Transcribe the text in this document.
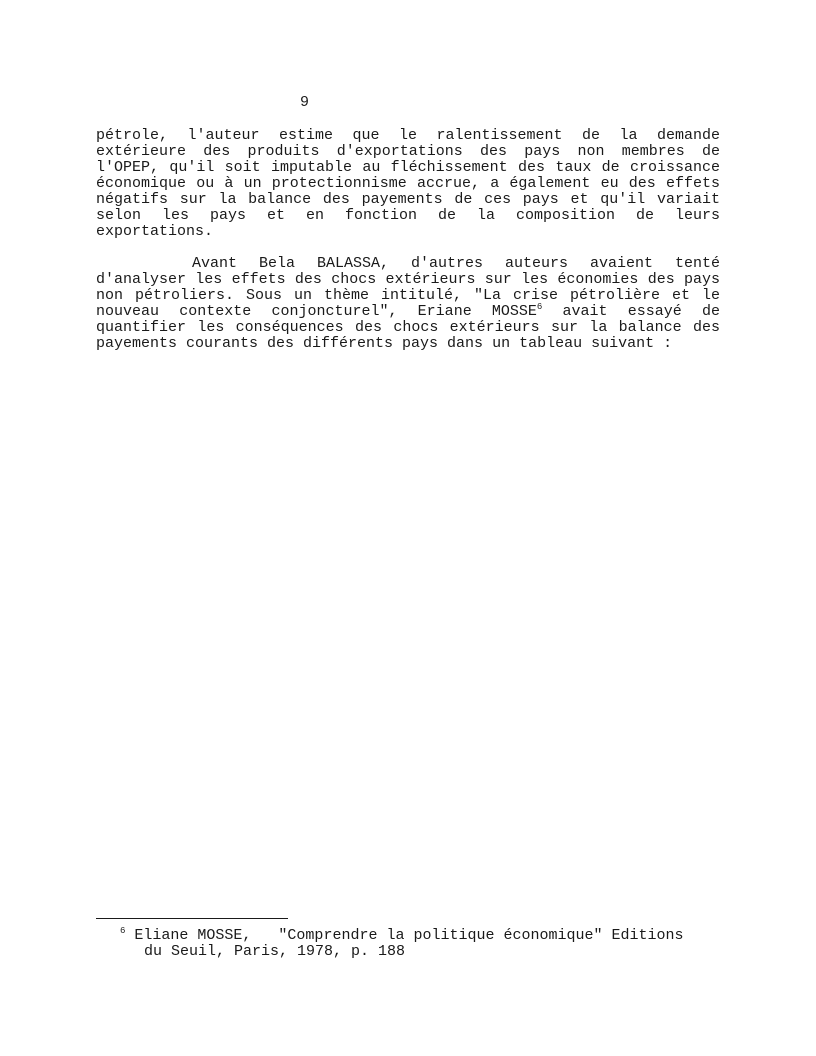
9

pétrole, l'auteur estime que le ralentissement de la demande extérieure des produits d'exportations des pays non membres de l'OPEP, qu'il soit imputable au fléchissement des taux de croissance économique ou à un protectionnisme accrue, a également eu des effets négatifs sur la balance des payements de ces pays et qu'il variait selon les pays et en fonction de la composition de leurs exportations.

Avant Bela BALASSA, d'autres auteurs avaient tenté d'analyser les effets des chocs extérieurs sur les économies des pays non pétroliers. Sous un thème intitulé, "La crise pétrolière et le nouveau contexte conjoncturel", Eriane MOSSE$^6$ avait essayé de quantifier les conséquences des chocs extérieurs sur la balance des payements courants des différents pays dans un tableau suivant :

$^6$ Eliane MOSSE,   "Comprendre la politique économique" Editions
du Seuil, Paris, 1978, p. 188
